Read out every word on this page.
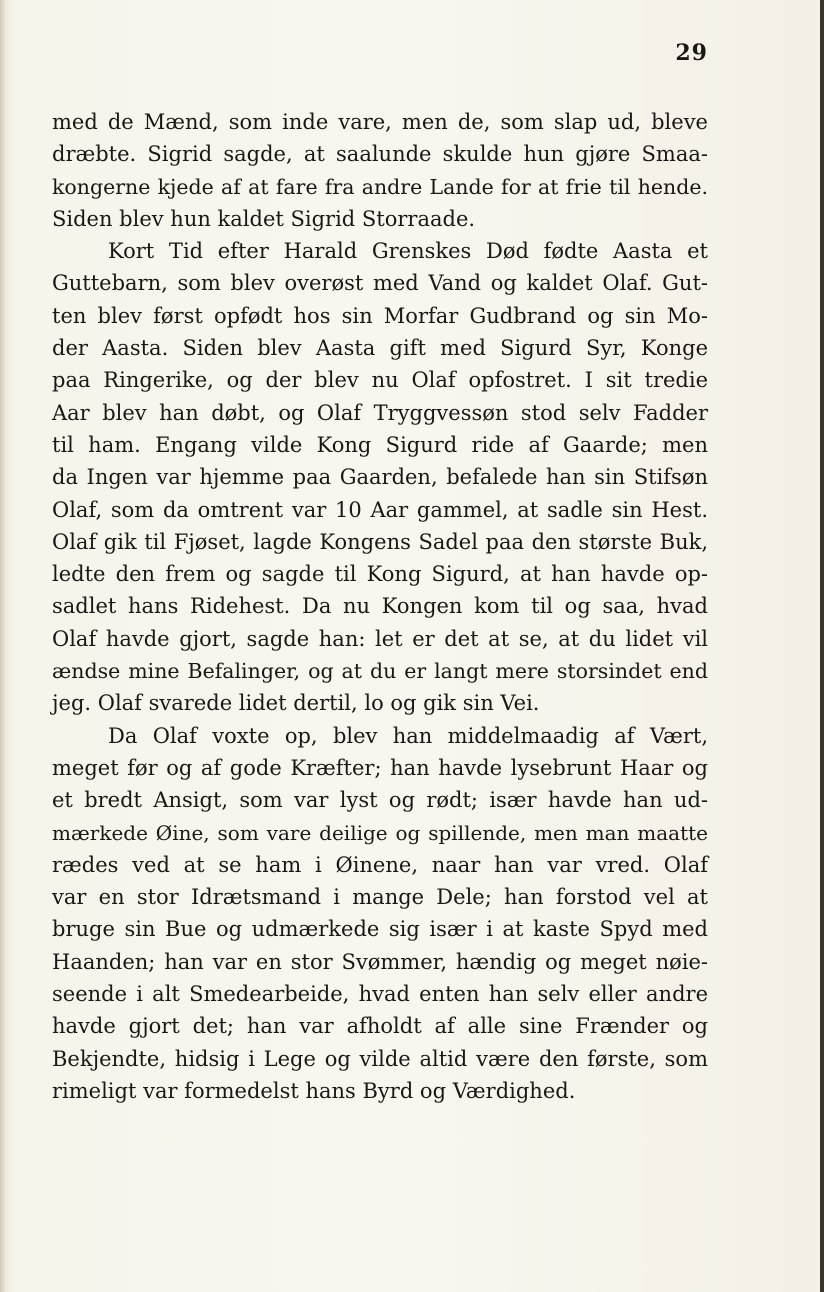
29
med de Mænd, som inde vare, men de, som slap ud, bleve
dræbte. Sigrid sagde, at saalunde skulde hun gjøre Smaa-
kongerne kjede af at fare fra andre Lande for at frie til hende.
Siden blev hun kaldet Sigrid Storraade.
Kort Tid efter Harald Grenskes Død fødte Aasta et
Guttebarn, som blev overøst med Vand og kaldet Olaf. Gut-
ten blev først opfødt hos sin Morfar Gudbrand og sin Mo-
der Aasta. Siden blev Aasta gift med Sigurd Syr, Konge
paa Ringerike, og der blev nu Olaf opfostret. I sit tredie
Aar blev han døbt, og Olaf Tryggvessøn stod selv Fadder
til ham. Engang vilde Kong Sigurd ride af Gaarde; men
da Ingen var hjemme paa Gaarden, befalede han sin Stifsøn
Olaf, som da omtrent var 10 Aar gammel, at sadle sin Hest.
Olaf gik til Fjøset, lagde Kongens Sadel paa den største Buk,
ledte den frem og sagde til Kong Sigurd, at han havde op-
sadlet hans Ridehest. Da nu Kongen kom til og saa, hvad
Olaf havde gjort, sagde han: let er det at se, at du lidet vil
ændse mine Befalinger, og at du er langt mere storsindet end
jeg. Olaf svarede lidet dertil, lo og gik sin Vei.
Da Olaf voxte op, blev han middelmaadig af Vært,
meget før og af gode Kræfter; han havde lysebrunt Haar og
et bredt Ansigt, som var lyst og rødt; især havde han ud-
mærkede Øine, som vare deilige og spillende, men man maatte
rædes ved at se ham i Øinene, naar han var vred. Olaf
var en stor Idrætsmand i mange Dele; han forstod vel at
bruge sin Bue og udmærkede sig især i at kaste Spyd med
Haanden; han var en stor Svømmer, hændig og meget nøie-
seende i alt Smedearbeide, hvad enten han selv eller andre
havde gjort det; han var afholdt af alle sine Frænder og
Bekjendte, hidsig i Lege og vilde altid være den første, som
rimeligt var formedelst hans Byrd og Værdighed.
